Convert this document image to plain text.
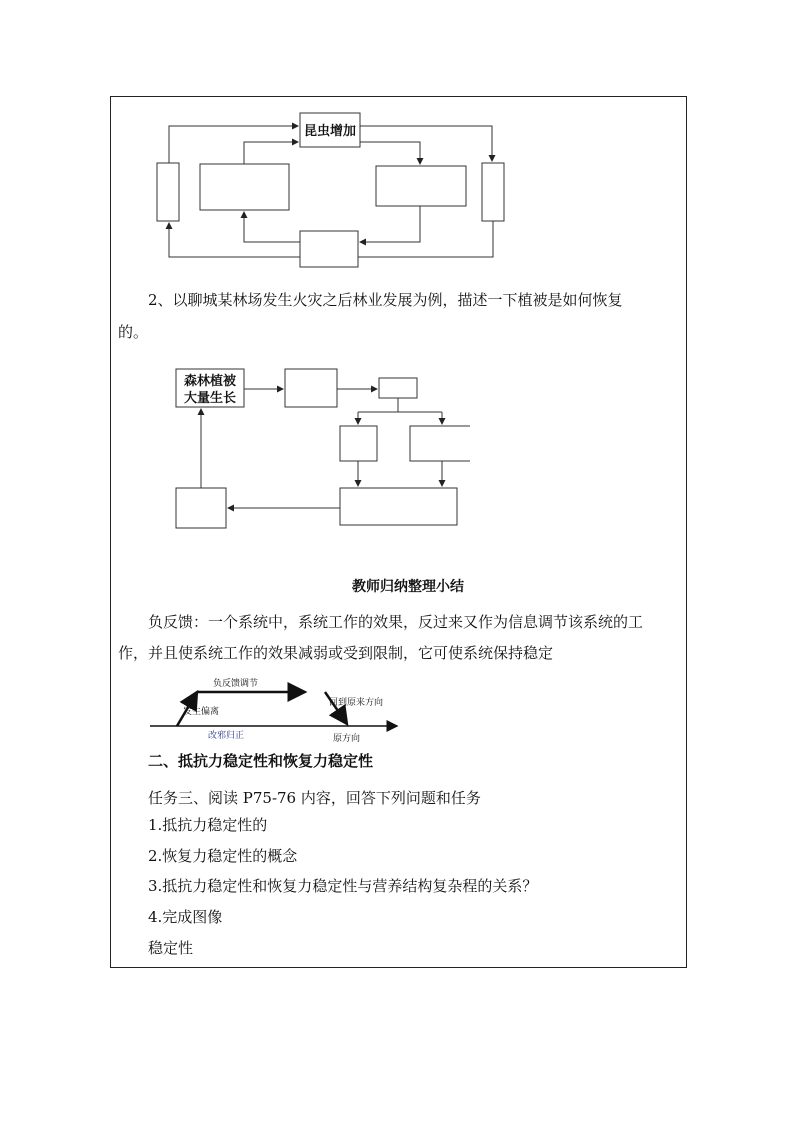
昆虫增加
2、以聊城某林场发生火灾之后林业发展为例，描述一下植被是如何恢复
的。
森林植被
大量生长
教师归纳整理小结
负反馈：一个系统中，系统工作的效果，反过来又作为信息调节该系统的工
作，并且使系统工作的效果减弱或受到限制，它可使系统保持稳定
负反馈调节
发生偏离
回到原来方向
改邪归正	原方向
二、抵抗力稳定性和恢复力稳定性
任务三、阅读 P75-76 内容，回答下列问题和任务
1.抵抗力稳定性的
2.恢复力稳定性的概念
3.抵抗力稳定性和恢复力稳定性与营养结构复杂程的关系？
4.完成图像
稳定性
